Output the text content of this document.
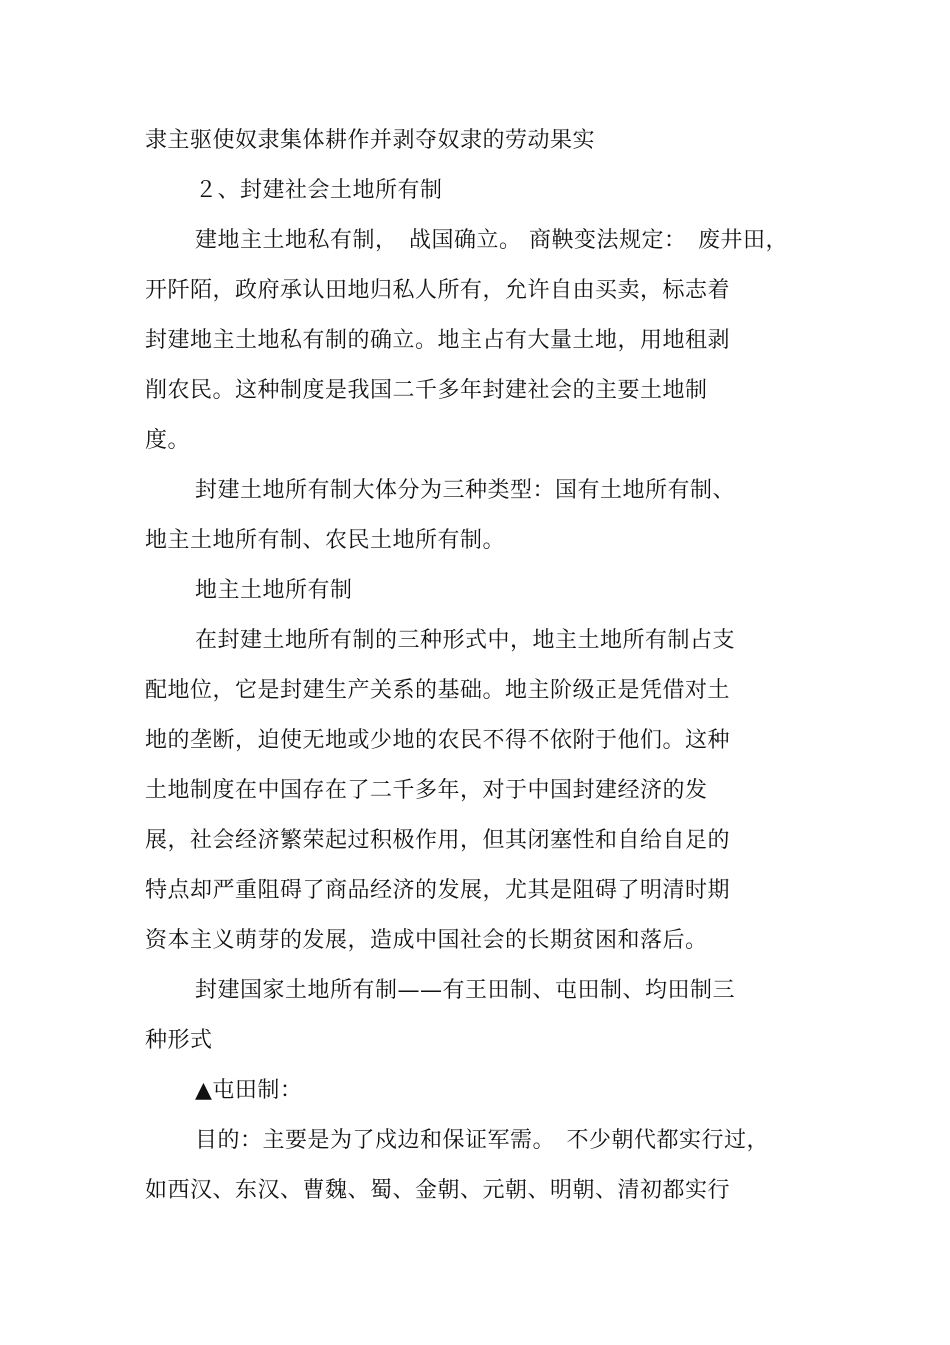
隶主驱使奴隶集体耕作并剥夺奴隶的劳动果实
２、封建社会土地所有制
建地主土地私有制，　战国确立。 商鞅变法规定：　废井田，
开阡陌，政府承认田地归私人所有，允许自由买卖，标志着
封建地主土地私有制的确立。地主占有大量土地，用地租剥
削农民。这种制度是我国二千多年封建社会的主要土地制
度。
封建土地所有制大体分为三种类型：国有土地所有制、
地主土地所有制、农民土地所有制。
地主土地所有制
在封建土地所有制的三种形式中，地主土地所有制占支
配地位，它是封建生产关系的基础。地主阶级正是凭借对土
地的垄断，迫使无地或少地的农民不得不依附于他们。这种
土地制度在中国存在了二千多年，对于中国封建经济的发
展，社会经济繁荣起过积极作用，但其闭塞性和自给自足的
特点却严重阻碍了商品经济的发展，尤其是阻碍了明清时期
资本主义萌芽的发展，造成中国社会的长期贫困和落后。
封建国家土地所有制——有王田制、屯田制、均田制三
种形式
▲屯田制：
目的：主要是为了戍边和保证军需。　不少朝代都实行过，
如西汉、东汉、曹魏、蜀、金朝、元朝、明朝、清初都实行
